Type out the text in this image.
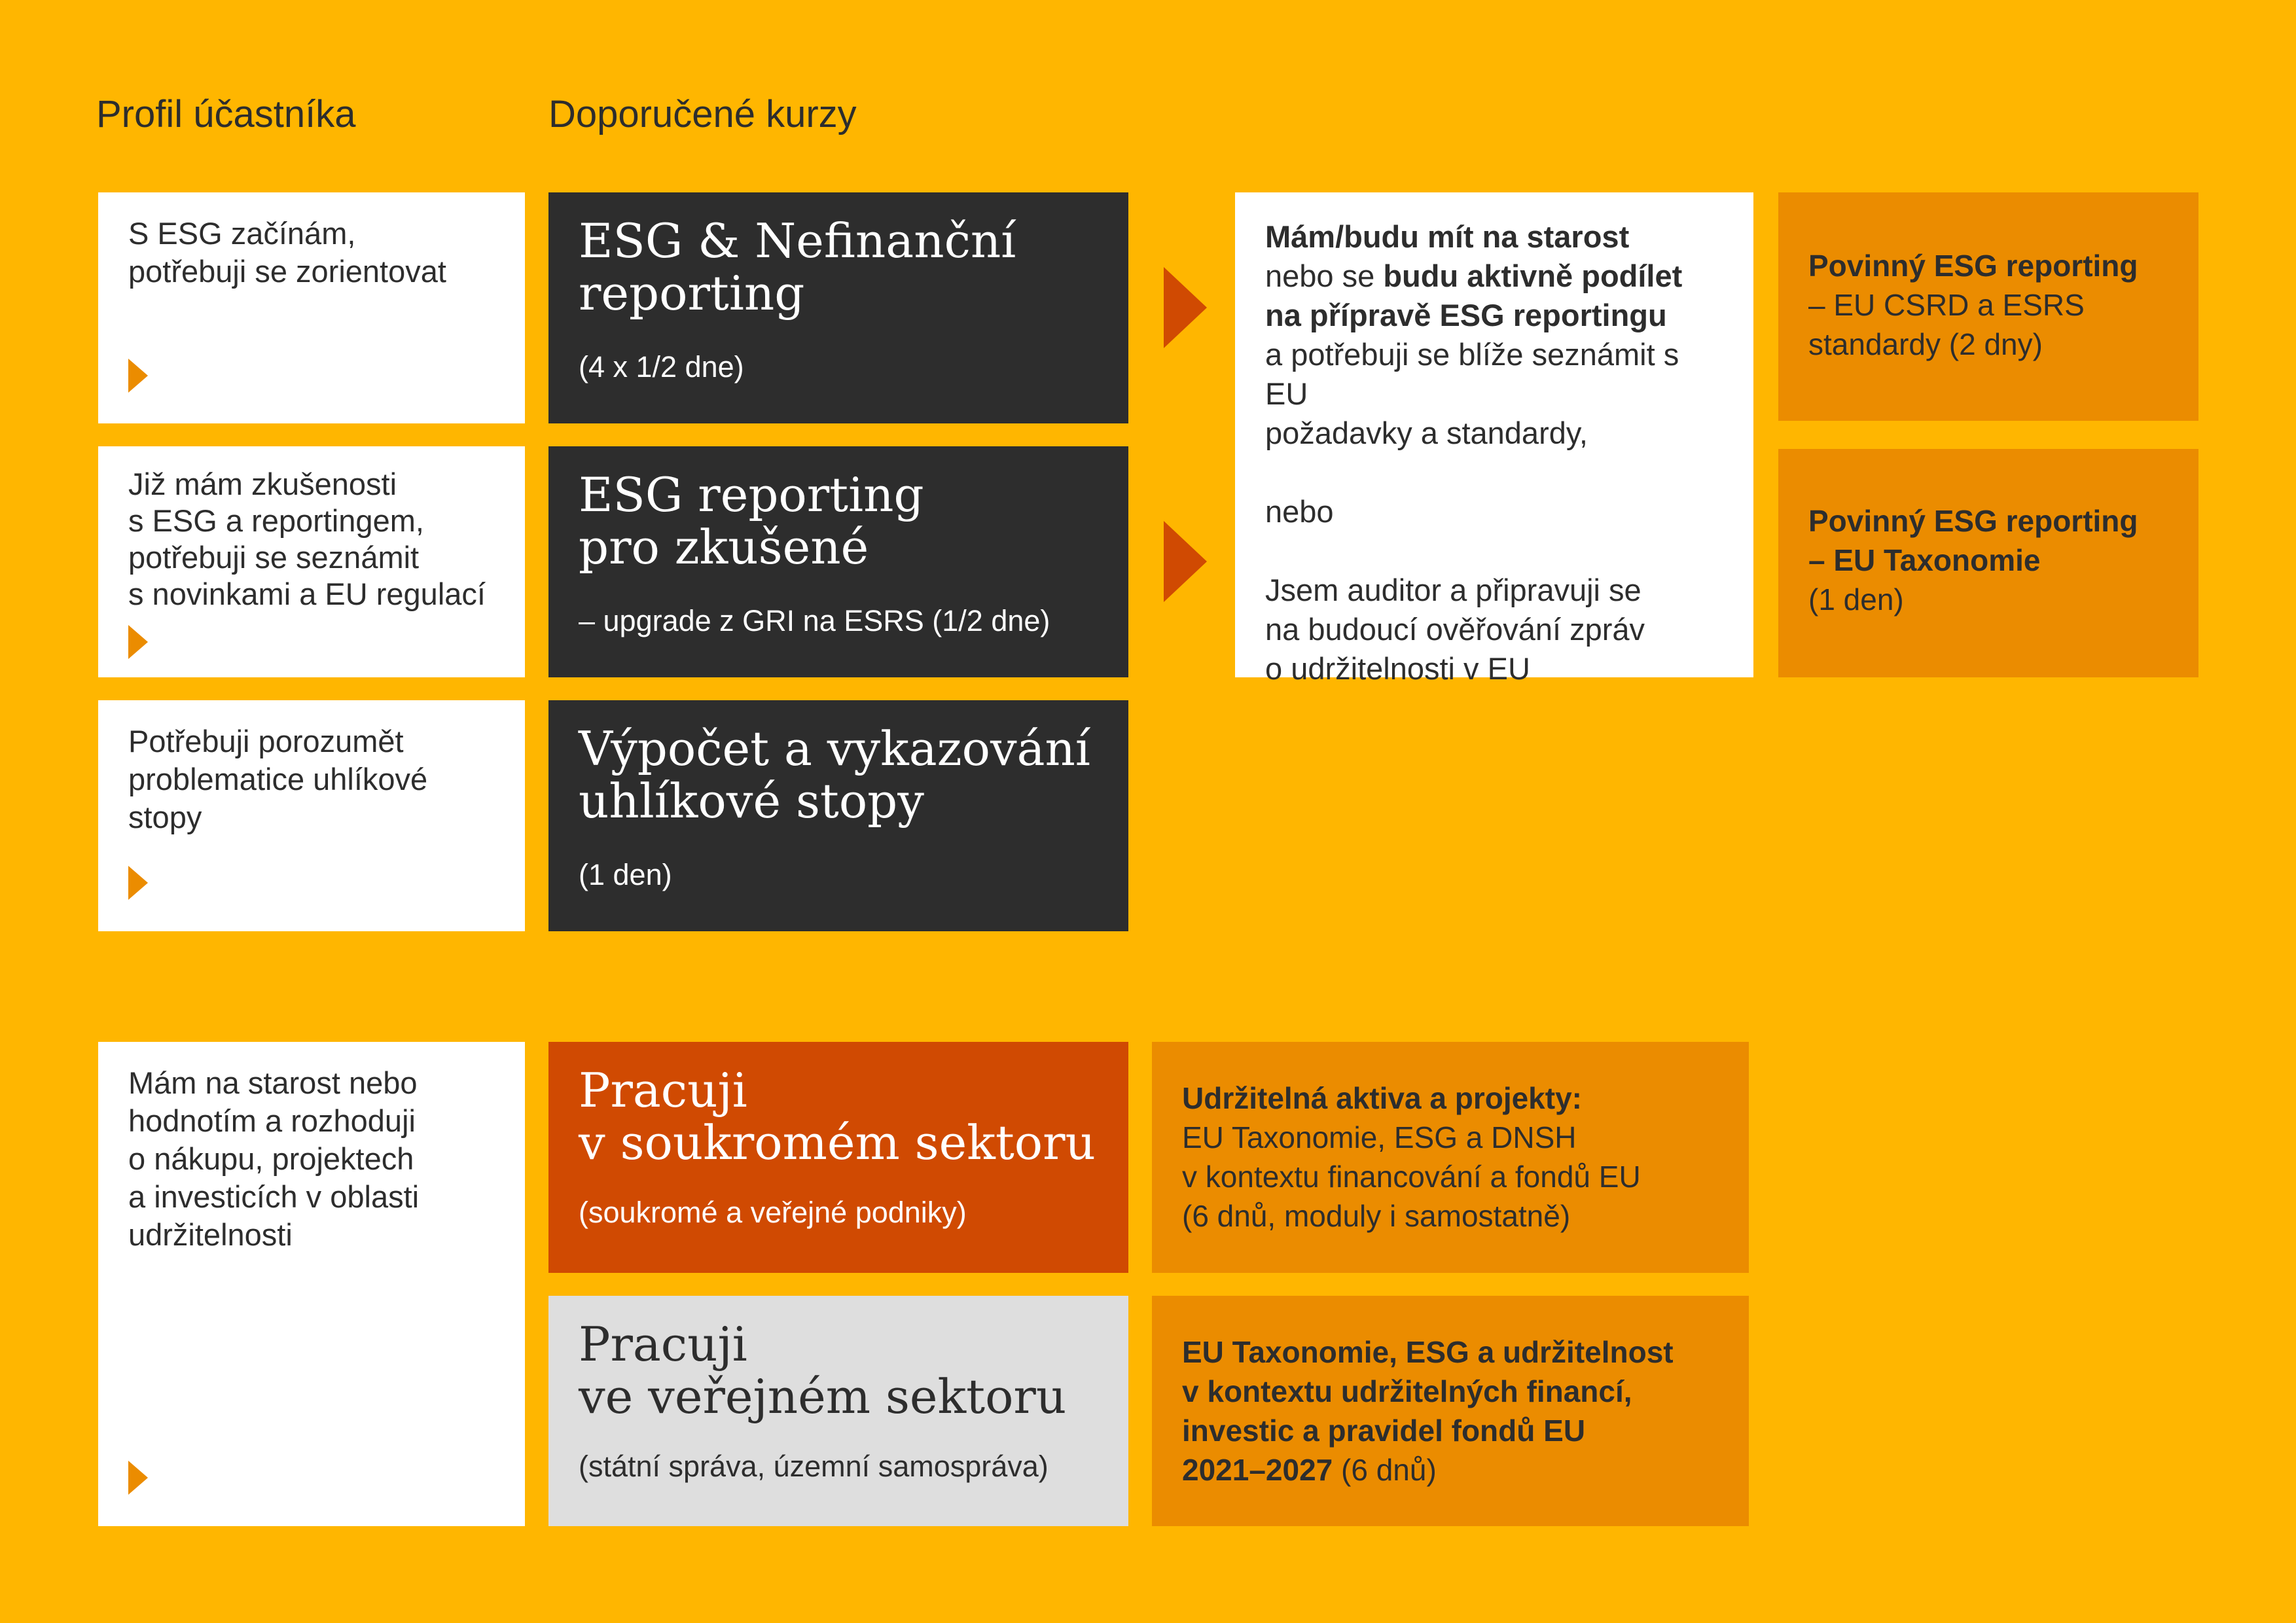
Profil účastníka	Doporučené kurzy
S ESG začínám,
potřebuji se zorientovat
Již mám zkušenosti
s ESG a reportingem,
potřebuji se seznámit
s novinkami a EU regulací
Potřebuji porozumět
problematice uhlíkové
stopy
Mám na starost nebo
hodnotím a rozhoduji
o nákupu, projektech
a investicích v oblasti
udržitelnosti
ESG & Nefinanční
reporting
(4 x 1/2 dne)
ESG reporting
pro zkušené
– upgrade z GRI na ESRS (1/2 dne)
Výpočet a vykazování
uhlíkové stopy
(1 den)
Pracuji
v soukromém sektoru
(soukromé a veřejné podniky)
Pracuji
ve veřejném sektoru
(státní správa, územní samospráva)
Mám/budu mít na starost
nebo se budu aktivně podílet
na přípravě ESG reportingu
a potřebuji se blíže seznámit s EU
požadavky a standardy,
nebo
Jsem auditor a připravuji se
na budoucí ověřování zpráv
o udržitelnosti v EU
Povinný ESG reporting
– EU CSRD a ESRS
standardy (2 dny)
Povinný ESG reporting
– EU Taxonomie
(1 den)
Udržitelná aktiva a projekty:
EU Taxonomie, ESG a DNSH
v kontextu financování a fondů EU
(6 dnů, moduly i samostatně)
EU Taxonomie, ESG a udržitelnost
v kontextu udržitelných financí,
investic a pravidel fondů EU
2021–2027 (6 dnů)
